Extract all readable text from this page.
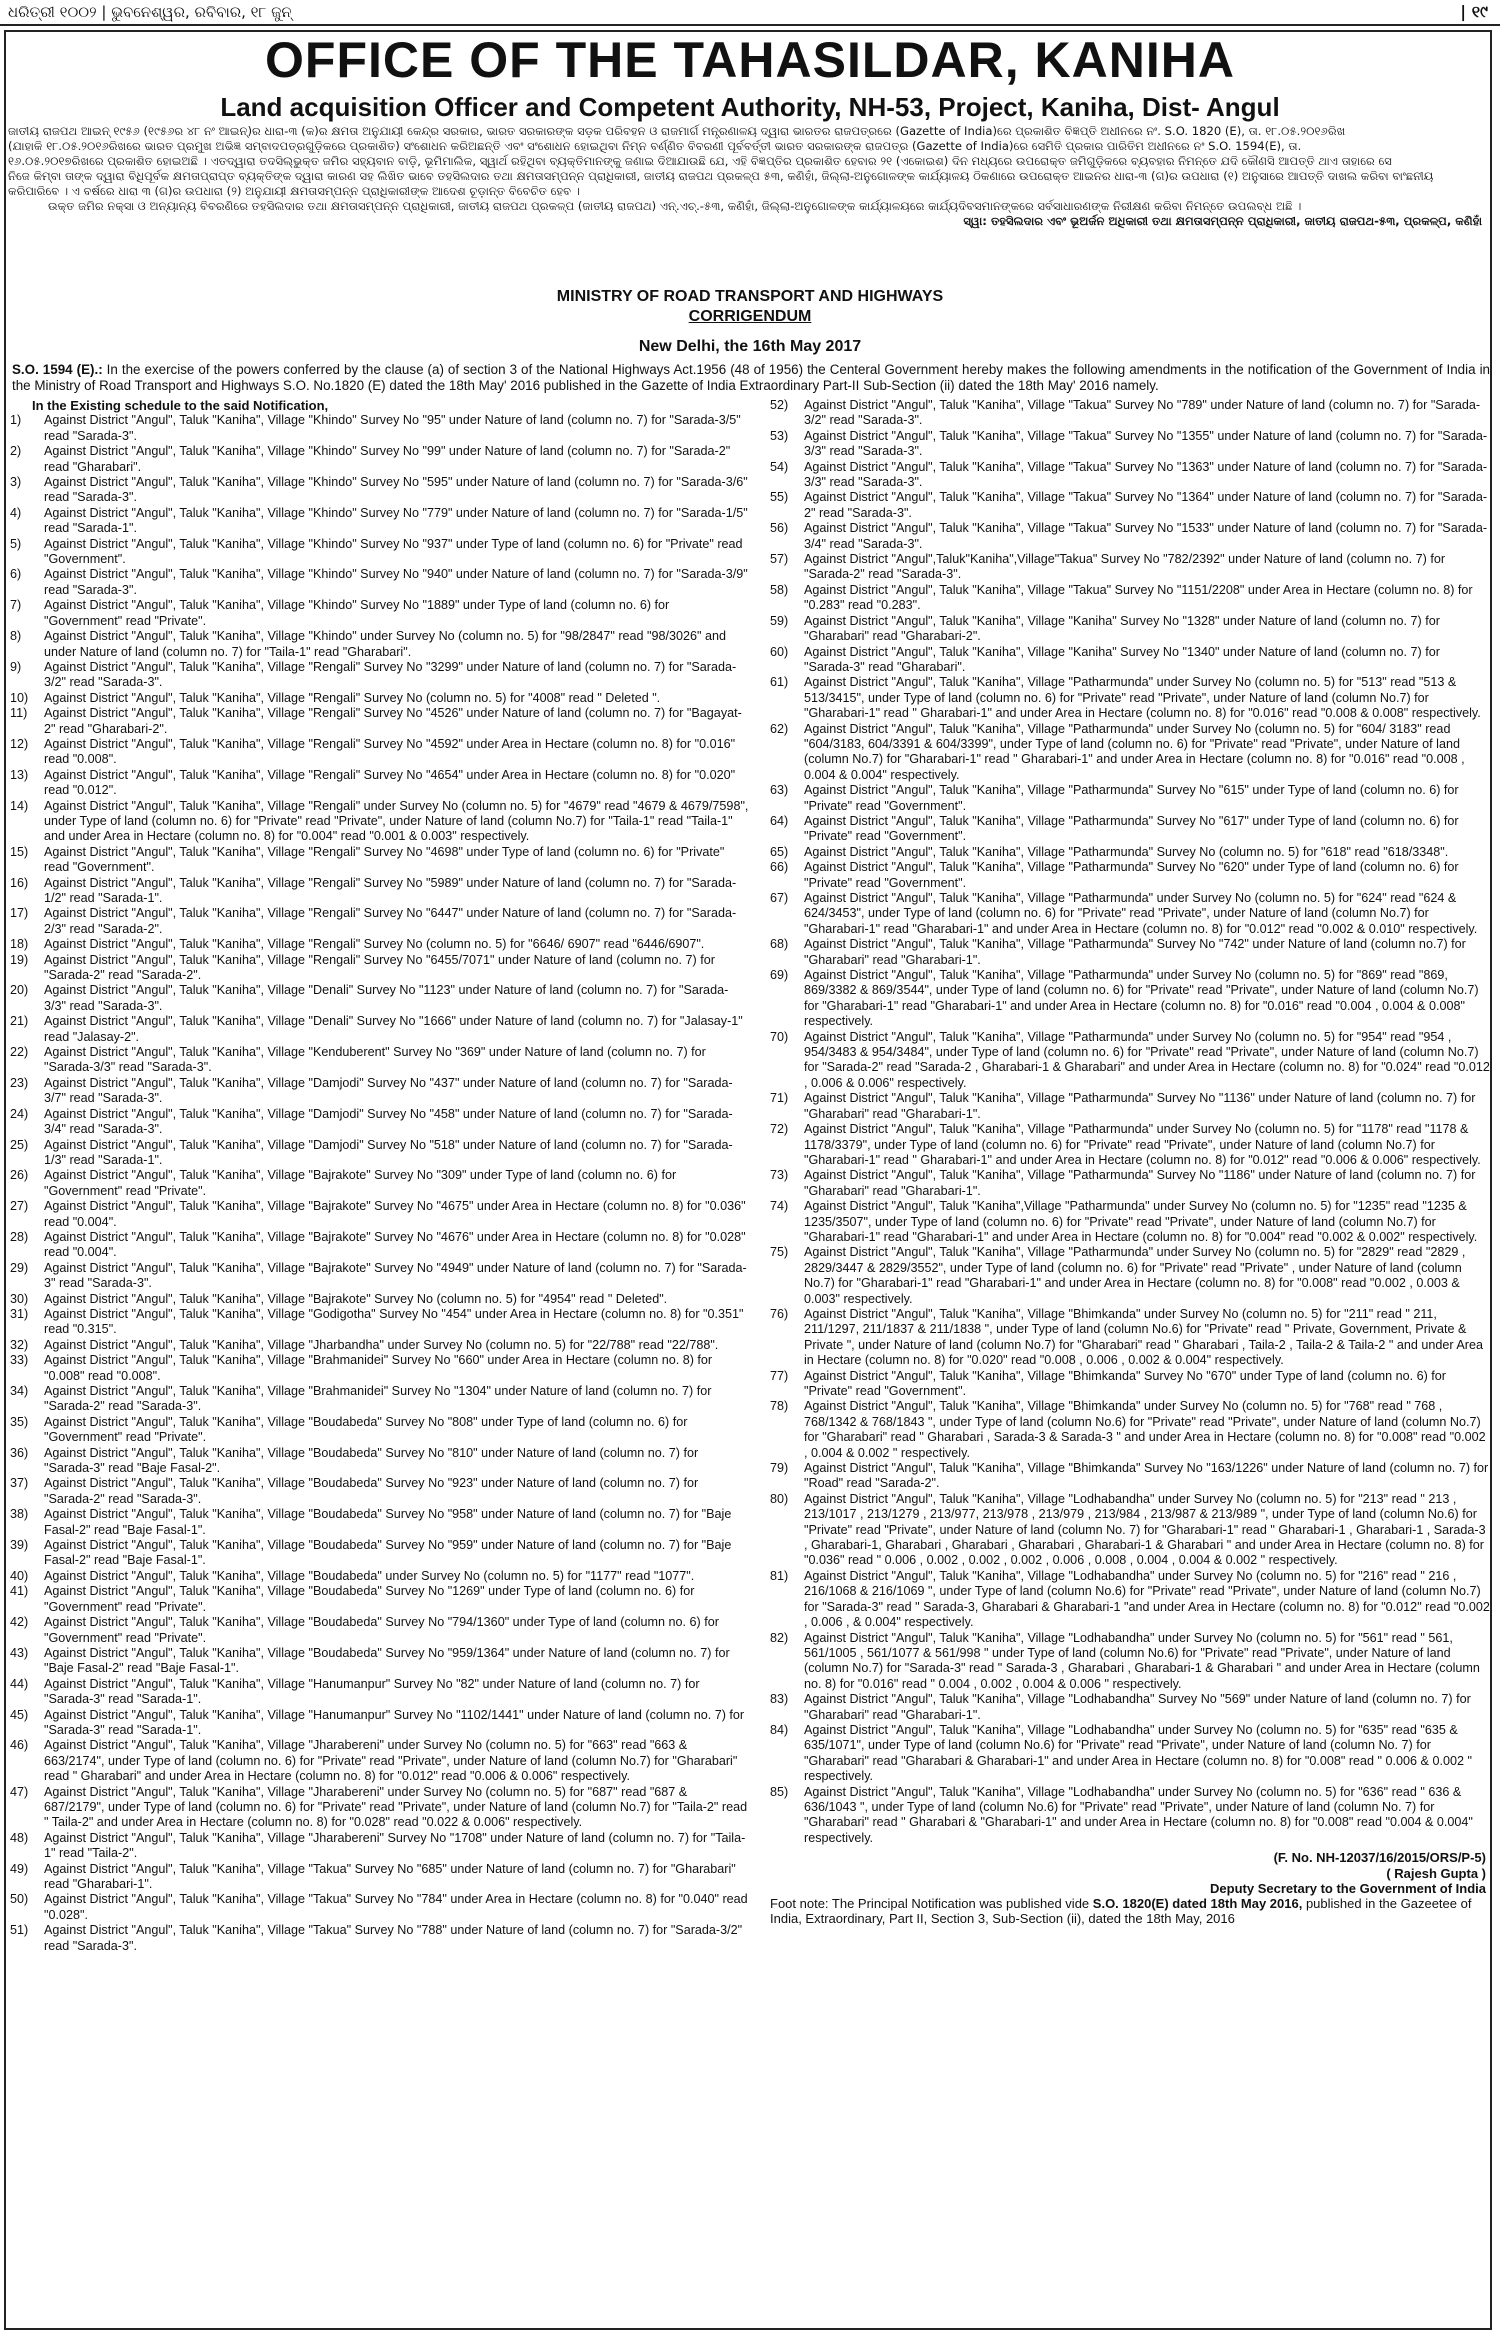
ଧରିତ୍ରୀ ୧୦୦୨ | ଭୁବନେଶ୍ୱର, ରବିବାର, ୧୮ ଜୁନ୍	| ୧୯
OFFICE OF THE TAHASILDAR, KANIHA
Land acquisition Officer and Competent Authority, NH-53, Project, Kaniha, Dist- Angul
ଜାତୀୟ ରାଜପଥ ଆଇନ୍ ୧୯୫୬ (୧୯୫୬ର ୪୮ ନଂ ଆଇନ୍)ର ଧାରା-୩ (କ)ର କ୍ଷମତା ଅନୁଯାୟୀ କେନ୍ଦ୍ର ସରକାର, ଭାରତ ସରକାରଙ୍କ ସଡ଼କ ପରିବହନ ଓ ରାଜମାର୍ଗ ମନ୍ତ୍ରଣାଳୟ ଦ୍ୱାରା ଭାରତର ରାଜପତ୍ରରେ (Gazette of India)ରେ ପ୍ରକାଶିତ ବିଜ୍ଞପ୍ତି ଅଧୀନରେ ନଂ. S.O. 1820 (E), ତା. ୧୮.୦୫.୨୦୧୬ରିଖ
(ଯାହାକି ୧୮.୦୫.୨୦୧୬ରିଖରେ ଭାରତ ପ୍ରମୁଖ ଅଭିଜ୍ଞ ସମ୍ବାଦପତ୍ରଗୁଡ଼ିକରେ ପ୍ରକାଶିତ) ସଂଶୋଧନ କରିଅଛନ୍ତି ଏବଂ ସଂଶୋଧନ ହୋଇଥିବା ନିମ୍ନ ବର୍ଣ୍ଣିତ ବିବରଣୀ ପୂର୍ବବର୍ତ୍ତୀ ଭାରତ ସରକାରଙ୍କ ରାଜପତ୍ର (Gazette of India)ରେ ସେମିତି ପ୍ରକାର ପାରିତିମ ଅଧୀନରେ ନଂ S.O. 1594(E), ତା.
୧୬.୦୫.୨୦୧୭ରିଖରେ ପ୍ରକାଶିତ ହୋଇଅଛି । ଏତଦ୍ୱାରା ତଦସିଲ୍ଭୁକ୍ତ ଜମିର ସହ୍ୟବାନ ବାଡ଼ି, ଭୂମିମାଲିକ, ସ୍ୱାର୍ଥ ରହିଥିବା ବ୍ୟକ୍ତିମାନଙ୍କୁ ଜଣାଇ ଦିଆଯାଉଛି ଯେ, ଏହି ବିଜ୍ଞପ୍ତିର ପ୍ରକାଶିତ ହେବାର ୨୧ (ଏକୋଇଶ) ଦିନ ମଧ୍ୟରେ ଉପରୋକ୍ତ ଜମିଗୁଡ଼ିକରେ ବ୍ୟବହାର ନିମନ୍ତେ ଯଦି କୌଣସି ଆପତ୍ତି ଥାଏ ତାହାରେ ସେ
ନିଜେ କିମ୍ବା ତାଙ୍କ ଦ୍ୱାରା ବିଧିପୂର୍ବକ କ୍ଷମତାପ୍ରାପ୍ତ ବ୍ୟକ୍ତିଙ୍କ ଦ୍ୱାରା କାରଣ ସହ ଲିଖିତ ଭାବେ ତହସିଲଦାର ତଥା କ୍ଷମତାସମ୍ପନ୍ନ ପ୍ରାଧିକାରୀ, ଜାତୀୟ ରାଜପଥ ପ୍ରକଳ୍ପ ୫୩, କଣିହାଁ, ଜିଲ୍ଲା-ଅନୁଗୋଳଙ୍କ କାର୍ଯ୍ୟାଳୟ ଠିକଣାରେ ଉପରୋକ୍ତ ଆଇନର ଧାରା-୩ (ଗ)ର ଉପଧାରା (୧) ଅନୁସାରେ ଆପତ୍ତି ଦାଖଲ କରିବା ବାଂଛନୀୟ
କରିପାରିବେ । ଏ ବର୍ଷରେ ଧାରା ୩ (ଗ)ର ଉପଧାରା (୨) ଅନୁଯାୟୀ କ୍ଷମତାସମ୍ପନ୍ନ ପ୍ରାଧିକାରୀଙ୍କ ଆଦେଶ ଚୂଡ଼ାନ୍ତ ବିବେଚିତ ହେବ ।
ଉକ୍ତ ଜମିର ନକ୍ସା ଓ ଅନ୍ୟାନ୍ୟ ବିବରଣିରେ ତହସିଲଦାର ତଥା କ୍ଷମତାସମ୍ପନ୍ନ ପ୍ରାଧିକାରୀ, ଜାତୀୟ ରାଜପଥ ପ୍ରକଳ୍ପ (ଜାତୀୟ ରାଜପଥ) ଏନ୍.ଏଚ୍.-୫୩, କଣିହାଁ, ଜିଲ୍ଲା-ଅନୁଗୋଳଙ୍କ କାର୍ଯ୍ୟାଳୟରେ କାର୍ଯ୍ୟଦିବସମାନଙ୍କରେ ସର୍ବସାଧାରଣଙ୍କ ନିରୀକ୍ଷଣ କରିବା ନିମନ୍ତେ ଉପଲବ୍ଧ ଅଛି ।
ସ୍ୱା: ତହସିଲଦାର ଏବଂ ଭୂଅର୍ଜନ ଅଧିକାରୀ ତଥା କ୍ଷମତାସମ୍ପନ୍ନ ପ୍ରାଧିକାରୀ, ଜାତୀୟ ରାଜପଥ-୫୩, ପ୍ରକଳ୍ପ, କଣିହାଁ
MINISTRY OF ROAD TRANSPORT AND HIGHWAYS
CORRIGENDUM
New Delhi, the 16th May 2017
S.O. 1594 (E).: In the exercise of the powers conferred by the clause (a) of section 3 of the National Highways Act.1956 (48 of 1956) the Centeral Government hereby makes the following amendments in the notification of the Government of India in the Ministry of Road Transport and Highways S.O. No.1820 (E) dated the 18th May' 2016 published in the Gazette of India Extraordinary Part-II Sub-Section (ii) dated the 18th May' 2016 namely.
In the Existing schedule to the said Notification,
1)	Against District "Angul", Taluk "Kaniha", Village "Khindo" Survey No "95" under Nature of land (column no. 7) for "Sarada-3/5" read "Sarada-3".
2)	Against District "Angul", Taluk "Kaniha", Village "Khindo" Survey No "99" under Nature of land (column no. 7) for "Sarada-2" read "Gharabari".
3)	Against District "Angul", Taluk "Kaniha", Village "Khindo" Survey No "595" under Nature of land (column no. 7) for "Sarada-3/6" read "Sarada-3".
4)	Against District "Angul", Taluk "Kaniha", Village "Khindo" Survey No "779" under Nature of land (column no. 7) for "Sarada-1/5" read "Sarada-1".
5)	Against District "Angul", Taluk "Kaniha", Village "Khindo" Survey No "937" under Type of land (column no. 6) for "Private" read "Government".
6)	Against District "Angul", Taluk "Kaniha", Village "Khindo" Survey No "940" under Nature of land (column no. 7) for "Sarada-3/9" read "Sarada-3".
7)	Against District "Angul", Taluk "Kaniha", Village "Khindo" Survey No "1889" under Type of land (column no. 6) for "Government" read "Private".
8)	Against District "Angul", Taluk "Kaniha", Village "Khindo" under Survey No (column no. 5) for "98/2847" read "98/3026" and under Nature of land (column no. 7) for "Taila-1" read "Gharabari".
9)	Against District "Angul", Taluk "Kaniha", Village "Rengali" Survey No "3299" under Nature of land (column no. 7) for "Sarada-3/2" read "Sarada-3".
10)	Against District "Angul", Taluk "Kaniha", Village "Rengali" Survey No (column no. 5) for "4008" read " Deleted ".
11)	Against District "Angul", Taluk "Kaniha", Village "Rengali" Survey No "4526" under Nature of land (column no. 7) for "Bagayat-2" read "Gharabari-2".
12)	Against District "Angul", Taluk "Kaniha", Village "Rengali" Survey No "4592" under Area in Hectare (column no. 8) for "0.016" read "0.008".
13)	Against District "Angul", Taluk "Kaniha", Village "Rengali" Survey No "4654" under Area in Hectare (column no. 8) for "0.020" read "0.012".
14)	Against District "Angul", Taluk "Kaniha", Village "Rengali" under Survey No (column no. 5) for "4679" read "4679 & 4679/7598", under Type of land (column no. 6) for "Private" read "Private", under Nature of land (column No.7) for "Taila-1" read "Taila-1" and under Area in Hectare (column no. 8) for "0.004" read "0.001 & 0.003" respectively.
15)	Against District "Angul", Taluk "Kaniha", Village "Rengali" Survey No "4698" under Type of land (column no. 6) for "Private" read "Government".
16)	Against District "Angul", Taluk "Kaniha", Village "Rengali" Survey No "5989" under Nature of land (column no. 7) for "Sarada-1/2" read "Sarada-1".
17)	Against District "Angul", Taluk "Kaniha", Village "Rengali" Survey No "6447" under Nature of land (column no. 7) for "Sarada-2/3" read "Sarada-2".
18)	Against District "Angul", Taluk "Kaniha", Village "Rengali" Survey No (column no. 5) for "6646/ 6907" read "6446/6907".
19)	Against District "Angul", Taluk "Kaniha", Village "Rengali" Survey No "6455/7071" under Nature of land (column no. 7) for "Sarada-2" read "Sarada-2".
20)	Against District "Angul", Taluk "Kaniha", Village "Denali" Survey No "1123" under Nature of land (column no. 7) for "Sarada-3/3" read "Sarada-3".
21)	Against District "Angul", Taluk "Kaniha", Village "Denali" Survey No "1666" under Nature of land (column no. 7) for "Jalasay-1" read "Jalasay-2".
22)	Against District "Angul", Taluk "Kaniha", Village "Kenduberent" Survey No "369" under Nature of land (column no. 7) for "Sarada-3/3" read "Sarada-3".
23)	Against District "Angul", Taluk "Kaniha", Village "Damjodi" Survey No "437" under Nature of land (column no. 7) for "Sarada-3/7" read "Sarada-3".
24)	Against District "Angul", Taluk "Kaniha", Village "Damjodi" Survey No "458" under Nature of land (column no. 7) for "Sarada-3/4" read "Sarada-3".
25)	Against District "Angul", Taluk "Kaniha", Village "Damjodi" Survey No "518" under Nature of land (column no. 7) for "Sarada-1/3" read "Sarada-1".
26)	Against District "Angul", Taluk "Kaniha", Village "Bajrakote" Survey No "309" under Type of land (column no. 6) for "Government" read "Private".
27)	Against District "Angul", Taluk "Kaniha", Village "Bajrakote" Survey No "4675" under Area in Hectare (column no. 8) for "0.036" read "0.004".
28)	Against District "Angul", Taluk "Kaniha", Village "Bajrakote" Survey No "4676" under Area in Hectare (column no. 8) for "0.028" read "0.004".
29)	Against District "Angul", Taluk "Kaniha", Village "Bajrakote" Survey No "4949" under Nature of land (column no. 7) for "Sarada-3" read "Sarada-3".
30)	Against District "Angul", Taluk "Kaniha", Village "Bajrakote" Survey No (column no. 5) for "4954" read " Deleted".
31)	Against District "Angul", Taluk "Kaniha", Village "Godigotha" Survey No "454" under Area in Hectare (column no. 8) for "0.351" read "0.315".
32)	Against District "Angul", Taluk "Kaniha", Village "Jharbandha" under Survey No (column no. 5) for "22/788" read "22/788".
33)	Against District "Angul", Taluk "Kaniha", Village "Brahmanidei" Survey No "660" under Area in Hectare (column no. 8) for "0.008" read "0.008".
34)	Against District "Angul", Taluk "Kaniha", Village "Brahmanidei" Survey No "1304" under Nature of land (column no. 7) for "Sarada-2" read "Sarada-3".
35)	Against District "Angul", Taluk "Kaniha", Village "Boudabeda" Survey No "808" under Type of land (column no. 6) for "Government" read "Private".
36)	Against District "Angul", Taluk "Kaniha", Village "Boudabeda" Survey No "810" under Nature of land (column no. 7) for "Sarada-3" read "Baje Fasal-2".
37)	Against District "Angul", Taluk "Kaniha", Village "Boudabeda" Survey No "923" under Nature of land (column no. 7) for "Sarada-2" read "Sarada-3".
38)	Against District "Angul", Taluk "Kaniha", Village "Boudabeda" Survey No "958" under Nature of land (column no. 7) for "Baje Fasal-2" read "Baje Fasal-1".
39)	Against District "Angul", Taluk "Kaniha", Village "Boudabeda" Survey No "959" under Nature of land (column no. 7) for "Baje Fasal-2" read "Baje Fasal-1".
40)	Against District "Angul", Taluk "Kaniha", Village "Boudabeda" under Survey No (column no. 5) for "1177" read "1077".
41)	Against District "Angul", Taluk "Kaniha", Village "Boudabeda" Survey No "1269" under Type of land (column no. 6) for "Government" read "Private".
42)	Against District "Angul", Taluk "Kaniha", Village "Boudabeda" Survey No "794/1360" under Type of land (column no. 6) for "Government" read "Private".
43)	Against District "Angul", Taluk "Kaniha", Village "Boudabeda" Survey No "959/1364" under Nature of land (column no. 7) for "Baje Fasal-2" read "Baje Fasal-1".
44)	Against District "Angul", Taluk "Kaniha", Village "Hanumanpur" Survey No "82" under Nature of land (column no. 7) for "Sarada-3" read "Sarada-1".
45)	Against District "Angul", Taluk "Kaniha", Village "Hanumanpur" Survey No "1102/1441" under Nature of land (column no. 7) for "Sarada-3" read "Sarada-1".
46)	Against District "Angul", Taluk "Kaniha", Village "Jharabereni" under Survey No (column no. 5) for "663" read "663 & 663/2174", under Type of land (column no. 6) for "Private" read "Private", under Nature of land (column No.7) for "Gharabari" read " Gharabari" and under Area in Hectare (column no. 8) for "0.012" read "0.006 & 0.006" respectively.
47)	Against District "Angul", Taluk "Kaniha", Village "Jharabereni" under Survey No (column no. 5) for "687" read "687 & 687/2179", under Type of land (column no. 6) for "Private" read "Private", under Nature of land (column No.7) for "Taila-2" read " Taila-2" and under Area in Hectare (column no. 8) for "0.028" read "0.022 & 0.006" respectively.
48)	Against District "Angul", Taluk "Kaniha", Village "Jharabereni" Survey No "1708" under Nature of land (column no. 7) for "Taila-1" read "Taila-2".
49)	Against District "Angul", Taluk "Kaniha", Village "Takua" Survey No "685" under Nature of land (column no. 7) for "Gharabari" read "Gharabari-1".
50)	Against District "Angul", Taluk "Kaniha", Village "Takua" Survey No "784" under Area in Hectare (column no. 8) for "0.040" read "0.028".
51)	Against District "Angul", Taluk "Kaniha", Village "Takua" Survey No "788" under Nature of land (column no. 7) for "Sarada-3/2" read "Sarada-3".
52)	Against District "Angul", Taluk "Kaniha", Village "Takua" Survey No "789" under Nature of land (column no. 7) for "Sarada-3/2" read "Sarada-3".
53)	Against District "Angul", Taluk "Kaniha", Village "Takua" Survey No "1355" under Nature of land (column no. 7) for "Sarada-3/3" read "Sarada-3".
54)	Against District "Angul", Taluk "Kaniha", Village "Takua" Survey No "1363" under Nature of land (column no. 7) for "Sarada-3/3" read "Sarada-3".
55)	Against District "Angul", Taluk "Kaniha", Village "Takua" Survey No "1364" under Nature of land (column no. 7) for "Sarada-2" read "Sarada-3".
56)	Against District "Angul", Taluk "Kaniha", Village "Takua" Survey No "1533" under Nature of land (column no. 7) for "Sarada-3/4" read "Sarada-3".
57)	Against District "Angul",Taluk"Kaniha",Village"Takua" Survey No "782/2392" under Nature of land (column no. 7) for "Sarada-2" read "Sarada-3".
58)	Against District "Angul", Taluk "Kaniha", Village "Takua" Survey No "1151/2208" under Area in Hectare (column no. 8) for "0.283" read "0.283".
59)	Against District "Angul", Taluk "Kaniha", Village "Kaniha" Survey No "1328" under Nature of land (column no. 7) for "Gharabari" read "Gharabari-2".
60)	Against District "Angul", Taluk "Kaniha", Village "Kaniha" Survey No "1340" under Nature of land (column no. 7) for "Sarada-3" read "Gharabari".
61)	Against District "Angul", Taluk "Kaniha", Village "Patharmunda" under Survey No (column no. 5) for "513" read "513 & 513/3415", under Type of land (column no. 6) for "Private" read "Private", under Nature of land (column No.7) for "Gharabari-1" read " Gharabari-1" and under Area in Hectare (column no. 8) for "0.016" read "0.008 & 0.008" respectively.
62)	Against District "Angul", Taluk "Kaniha", Village "Patharmunda" under Survey No (column no. 5) for "604/ 3183" read "604/3183, 604/3391 & 604/3399", under Type of land (column no. 6) for "Private" read "Private", under Nature of land (column No.7) for "Gharabari-1" read " Gharabari-1" and under Area in Hectare (column no. 8) for "0.016" read "0.008 , 0.004 & 0.004" respectively.
63)	Against District "Angul", Taluk "Kaniha", Village "Patharmunda" Survey No "615" under Type of land (column no. 6) for "Private" read "Government".
64)	Against District "Angul", Taluk "Kaniha", Village "Patharmunda" Survey No "617" under Type of land (column no. 6) for "Private" read "Government".
65)	Against District "Angul", Taluk "Kaniha", Village "Patharmunda" Survey No (column no. 5) for "618" read "618/3348".
66)	Against District "Angul", Taluk "Kaniha", Village "Patharmunda" Survey No "620" under Type of land (column no. 6) for "Private" read "Government".
67)	Against District "Angul", Taluk "Kaniha", Village "Patharmunda" under Survey No (column no. 5) for "624" read "624 & 624/3453", under Type of land (column no. 6) for "Private" read "Private", under Nature of land (column No.7) for "Gharabari-1" read "Gharabari-1" and under Area in Hectare (column no. 8) for "0.012" read "0.002 & 0.010" respectively.
68)	Against District "Angul", Taluk "Kaniha", Village "Patharmunda" Survey No "742" under Nature of land (column no.7) for "Gharabari" read "Gharabari-1".
69)	Against District "Angul", Taluk "Kaniha", Village "Patharmunda" under Survey No (column no. 5) for "869" read "869, 869/3382 & 869/3544", under Type of land (column no. 6) for "Private" read "Private", under Nature of land (column No.7) for "Gharabari-1" read "Gharabari-1" and under Area in Hectare (column no. 8) for "0.016" read "0.004 , 0.004 & 0.008" respectively.
70)	Against District "Angul", Taluk "Kaniha", Village "Patharmunda" under Survey No (column no. 5) for "954" read "954 , 954/3483 & 954/3484", under Type of land (column no. 6) for "Private" read "Private", under Nature of land (column No.7) for "Sarada-2" read "Sarada-2 , Gharabari-1 & Gharabari" and under Area in Hectare (column no. 8) for "0.024" read "0.012 , 0.006 & 0.006" respectively.
71)	Against District "Angul", Taluk "Kaniha", Village "Patharmunda" Survey No "1136" under Nature of land (column no. 7) for "Gharabari" read "Gharabari-1".
72)	Against District "Angul", Taluk "Kaniha", Village "Patharmunda" under Survey No (column no. 5) for "1178" read "1178 & 1178/3379", under Type of land (column no. 6) for "Private" read "Private", under Nature of land (column No.7) for "Gharabari-1" read " Gharabari-1" and under Area in Hectare (column no. 8) for "0.012" read "0.006 & 0.006" respectively.
73)	Against District "Angul", Taluk "Kaniha", Village "Patharmunda" Survey No "1186" under Nature of land (column no. 7) for "Gharabari" read "Gharabari-1".
74)	Against District "Angul", Taluk "Kaniha",Village "Patharmunda" under Survey No (column no. 5) for "1235" read "1235 & 1235/3507", under Type of land (column no. 6) for "Private" read "Private", under Nature of land (column No.7) for "Gharabari-1" read "Gharabari-1" and under Area in Hectare (column no. 8) for "0.004" read "0.002 & 0.002" respectively.
75)	Against District "Angul", Taluk "Kaniha", Village "Patharmunda" under Survey No (column no. 5) for "2829" read "2829 , 2829/3447 & 2829/3552", under Type of land (column no. 6) for "Private" read "Private" , under Nature of land (column No.7) for "Gharabari-1" read "Gharabari-1" and under Area in Hectare (column no. 8) for "0.008" read "0.002 , 0.003 & 0.003" respectively.
76)	Against District "Angul", Taluk "Kaniha", Village "Bhimkanda" under Survey No (column no. 5) for "211" read " 211, 211/1297, 211/1837 & 211/1838 ", under Type of land (column No.6) for "Private" read " Private, Government, Private & Private ", under Nature of land (column No.7) for "Gharabari" read " Gharabari , Taila-2 , Taila-2 & Taila-2 " and under Area in Hectare (column no. 8) for "0.020" read "0.008 , 0.006 , 0.002 & 0.004" respectively.
77)	Against District "Angul", Taluk "Kaniha", Village "Bhimkanda" Survey No "670" under Type of land (column no. 6) for "Private" read "Government".
78)	Against District "Angul", Taluk "Kaniha", Village "Bhimkanda" under Survey No (column no. 5) for "768" read " 768 , 768/1342 & 768/1843 ", under Type of land (column No.6) for "Private" read "Private", under Nature of land (column No.7) for "Gharabari" read " Gharabari , Sarada-3 & Sarada-3 " and under Area in Hectare (column no. 8) for "0.008" read "0.002 , 0.004 & 0.002 " respectively.
79)	Against District "Angul", Taluk "Kaniha", Village "Bhimkanda" Survey No "163/1226" under Nature of land (column no. 7) for "Road" read "Sarada-2".
80)	Against District "Angul", Taluk "Kaniha", Village "Lodhabandha" under Survey No (column no. 5) for "213" read " 213 , 213/1017 , 213/1279 , 213/977, 213/978 , 213/979 , 213/984 , 213/987 & 213/989 ", under Type of land (column No.6) for "Private" read "Private", under Nature of land (column No. 7) for "Gharabari-1" read " Gharabari-1 , Gharabari-1 , Sarada-3 , Gharabari-1, Gharabari , Gharabari , Gharabari , Gharabari-1 & Gharabari " and under Area in Hectare (column no. 8) for "0.036" read " 0.006 , 0.002 , 0.002 , 0.002 , 0.006 , 0.008 , 0.004 , 0.004 & 0.002 " respectively.
81)	Against District "Angul", Taluk "Kaniha", Village "Lodhabandha" under Survey No (column no. 5) for "216" read " 216 , 216/1068 & 216/1069 ", under Type of land (column No.6) for "Private" read "Private", under Nature of land (column No.7) for "Sarada-3" read " Sarada-3, Gharabari & Gharabari-1 "and under Area in Hectare (column no. 8) for "0.012" read "0.002 , 0.006 , & 0.004" respectively.
82)	Against District "Angul", Taluk "Kaniha", Village "Lodhabandha" under Survey No (column no. 5) for "561" read " 561, 561/1005 , 561/1077 & 561/998 " under Type of land (column No.6) for "Private" read "Private", under Nature of land (column No.7) for "Sarada-3" read " Sarada-3 , Gharabari , Gharabari-1 & Gharabari " and under Area in Hectare (column no. 8) for "0.016" read " 0.004 , 0.002 , 0.004 & 0.006 " respectively.
83)	Against District "Angul", Taluk "Kaniha", Village "Lodhabandha" Survey No "569" under Nature of land (column no. 7) for "Gharabari" read "Gharabari-1".
84)	Against District "Angul", Taluk "Kaniha", Village "Lodhabandha" under Survey No (column no. 5) for "635" read "635 & 635/1071", under Type of land (column No.6) for "Private" read "Private", under Nature of land (column No. 7) for "Gharabari" read "Gharabari & Gharabari-1" and under Area in Hectare (column no. 8) for "0.008" read " 0.006 & 0.002 " respectively.
85)	Against District "Angul", Taluk "Kaniha", Village "Lodhabandha" under Survey No (column no. 5) for "636" read " 636 & 636/1043 ", under Type of land (column No.6) for "Private" read "Private", under Nature of land (column No. 7) for "Gharabari" read " Gharabari & "Gharabari-1" and under Area in Hectare (column no. 8) for "0.008" read "0.004 & 0.004" respectively.
(F. No. NH-12037/16/2015/ORS/P-5)
( Rajesh Gupta )
Deputy Secretary to the Government of India
Foot note: The Principal Notification was published vide S.O. 1820(E) dated 18th May 2016, published in the Gazeetee of India, Extraordinary, Part II, Section 3, Sub-Section (ii), dated the 18th May, 2016
